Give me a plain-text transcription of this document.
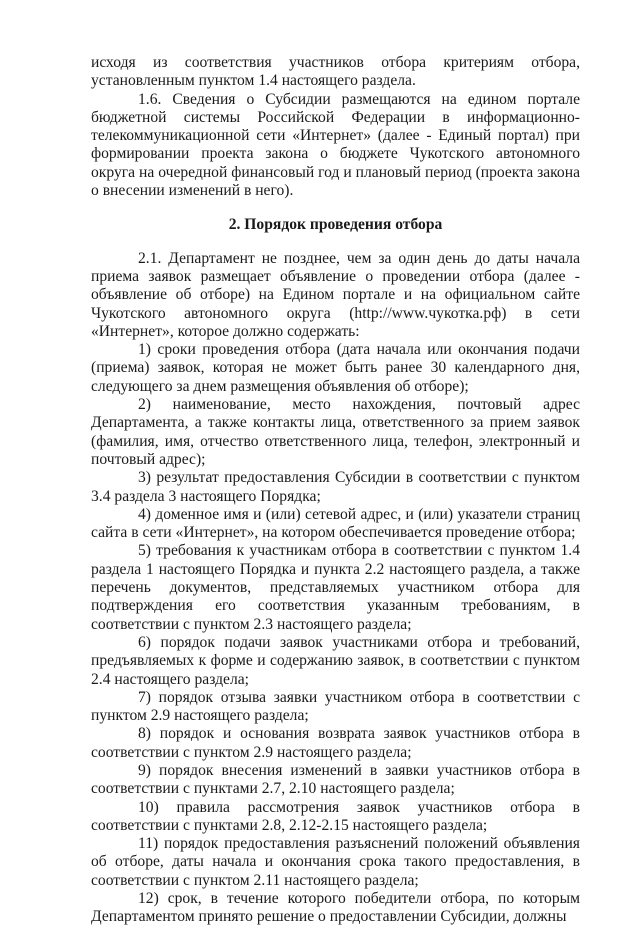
исходя из соответствия участников отбора критериям отбора, установленным пунктом 1.4 настоящего раздела.

1.6. Сведения о Субсидии размещаются на едином портале бюджетной системы Российской Федерации в информационно-телекоммуникационной сети «Интернет» (далее - Единый портал) при формировании проекта закона о бюджете Чукотского автономного округа на очередной финансовый год и плановый период (проекта закона о внесении изменений в него).

2. Порядок проведения отбора

2.1. Департамент не позднее, чем за один день до даты начала приема заявок размещает объявление о проведении отбора (далее - объявление об отборе) на Едином портале и на официальном сайте Чукотского автономного округа (http://www.чукотка.рф) в сети «Интернет», которое должно содержать:

1) сроки проведения отбора (дата начала или окончания подачи (приема) заявок, которая не может быть ранее 30 календарного дня, следующего за днем размещения объявления об отборе);

2) наименование, место нахождения, почтовый адрес Департамента, а также контакты лица, ответственного за прием заявок (фамилия, имя, отчество ответственного лица, телефон, электронный и почтовый адрес);

3) результат предоставления Субсидии в соответствии с пунктом 3.4 раздела 3 настоящего Порядка;

4) доменное имя и (или) сетевой адрес, и (или) указатели страниц сайта в сети «Интернет», на котором обеспечивается проведение отбора;

5) требования к участникам отбора в соответствии с пунктом 1.4 раздела 1 настоящего Порядка и пункта 2.2 настоящего раздела, а также перечень документов, представляемых участником отбора для подтверждения его соответствия указанным требованиям, в соответствии с пунктом 2.3 настоящего раздела;

6) порядок подачи заявок участниками отбора и требований, предъявляемых к форме и содержанию заявок, в соответствии с пунктом 2.4 настоящего раздела;

7) порядок отзыва заявки участником отбора в соответствии с пунктом 2.9 настоящего раздела;

8) порядок и основания возврата заявок участников отбора в соответствии с пунктом 2.9 настоящего раздела;

9) порядок внесения изменений в заявки участников отбора в соответствии с пунктами 2.7, 2.10 настоящего раздела;

10) правила рассмотрения заявок участников отбора в соответствии с пунктами 2.8, 2.12-2.15 настоящего раздела;

11) порядок предоставления разъяснений положений объявления об отборе, даты начала и окончания срока такого предоставления, в соответствии с пунктом 2.11 настоящего раздела;

12) срок, в течение которого победители отбора, по которым Департаментом принято решение о предоставлении Субсидии, должны
